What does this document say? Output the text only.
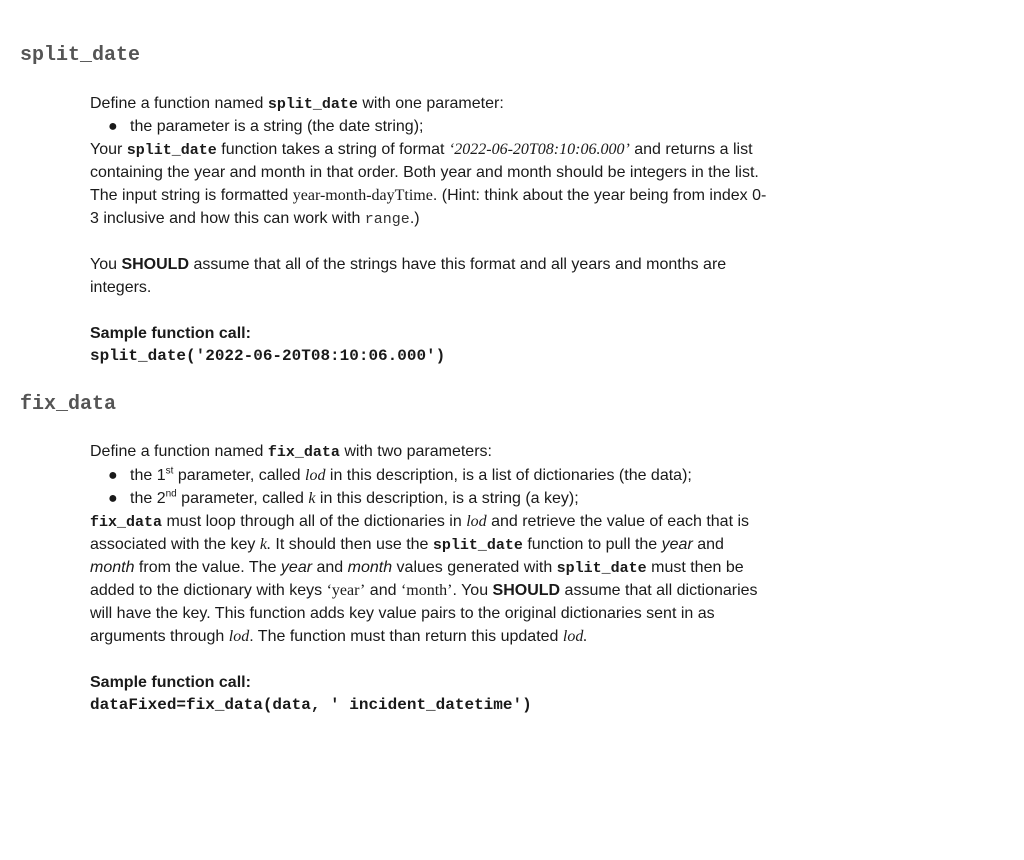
split_date

Define a function named split_date with one parameter:

● the parameter is a string (the date string);

Your split_date function takes a string of format ‘2022-06-20T08:10:06.000’ and returns a list

containing the year and month in that order. Both year and month should be integers in the list.

The input string is formatted year-month-dayTtime. (Hint: think about the year being from index 0-

3 inclusive and how this can work with range.)

You SHOULD assume that all of the strings have this format and all years and months are

integers.

Sample function call:

split_date('2022-06-20T08:10:06.000')

fix_data

Define a function named fix_data with two parameters:

● the 1st parameter, called lod in this description, is a list of dictionaries (the data);

● the 2nd parameter, called k in this description, is a string (a key);

fix_data must loop through all of the dictionaries in lod and retrieve the value of each that is

associated with the key k. It should then use the split_date function to pull the year and

month from the value. The year and month values generated with split_date must then be

added to the dictionary with keys ‘year’ and ‘month’. You SHOULD assume that all dictionaries

will have the key. This function adds key value pairs to the original dictionaries sent in as

arguments through lod. The function must than return this updated lod.

Sample function call:

dataFixed=fix_data(data, ' incident_datetime')
